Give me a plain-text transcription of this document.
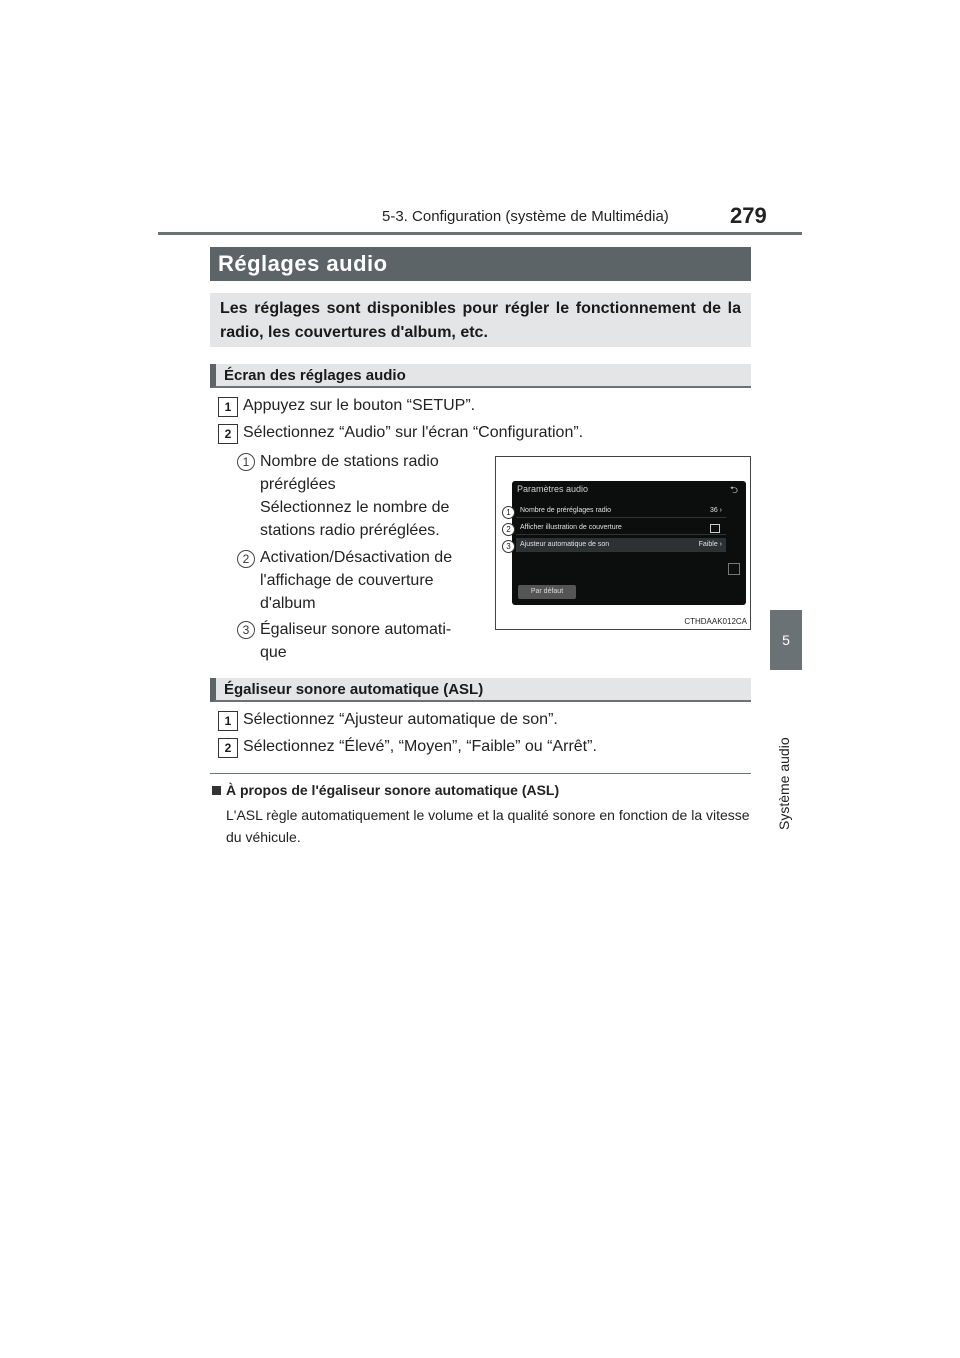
5-3. Configuration (système de Multimédia)	279
5
Système audio
Réglages audio

Les réglages sont disponibles pour régler le fonctionnement de la radio, les couvertures d'album, etc.

Écran des réglages audio
1 Appuyez sur le bouton “SETUP”.
2 Sélectionnez “Audio” sur l'écran “Configuration”.
1 Nombre de stations radio
préréglées
Sélectionnez le nombre de
stations radio préréglées.
2 Activation/Désactivation de
l'affichage de couverture
d'album
3 Égaliseur sonore automati-
que
Paramètres audio	⮌
Nombre de préréglages radio	36 ›
Afficher illustration de couverture
Ajusteur automatique de son	Faible ›
Par défaut
1
2
3
CTHDAAK012CA
Égaliseur sonore automatique (ASL)
1 Sélectionnez “Ajusteur automatique de son”.
2 Sélectionnez “Élevé”, “Moyen”, “Faible” ou “Arrêt”.
À propos de l'égaliseur sonore automatique (ASL)
L'ASL règle automatiquement le volume et la qualité sonore en fonction de la vitesse du véhicule.
